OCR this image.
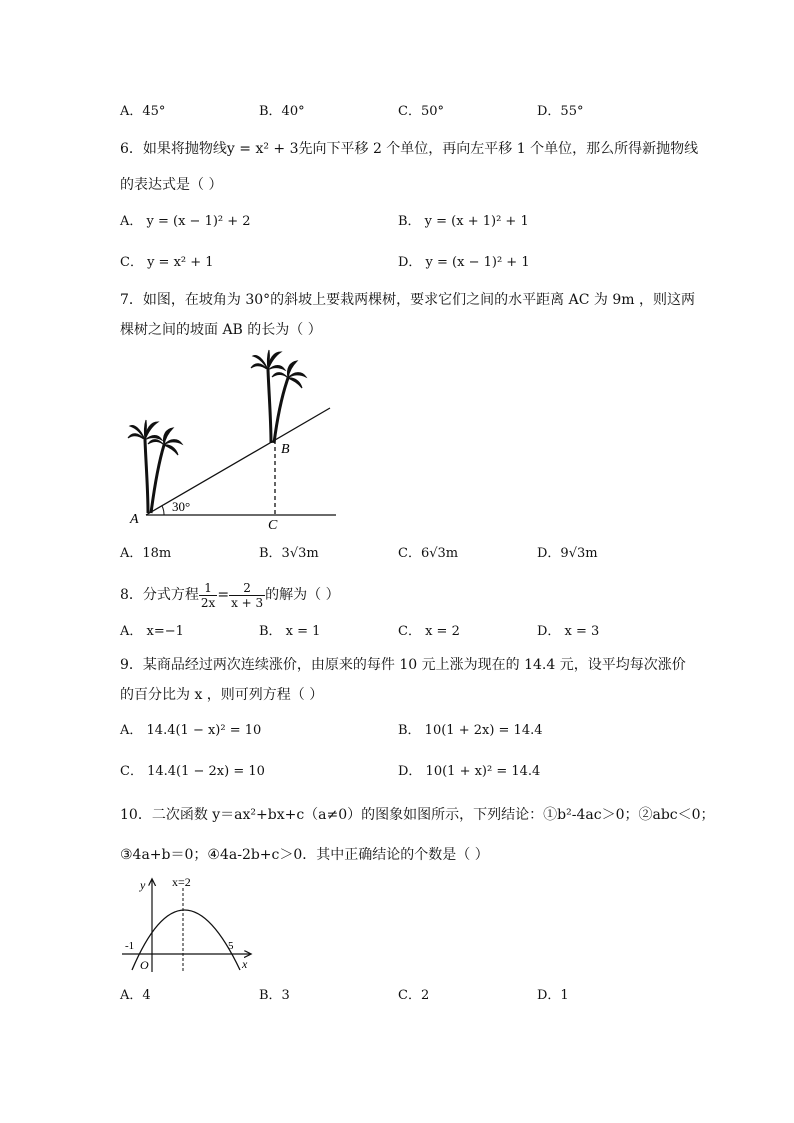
A．45°	B．40°	C．50°	D．55°
6．如果将抛物线y = x² + 3先向下平移 2 个单位，再向左平移 1 个单位，那么所得新抛物线
的表达式是（ ）
A． y = (x − 1)² + 2	B． y = (x + 1)² + 1
C． y = x² + 1	D． y = (x − 1)² + 1
7．如图，在坡角为 30°的斜坡上要栽两棵树，要求它们之间的水平距离 AC 为 9m ，则这两
棵树之间的坡面 AB 的长为（ ）
A
B
C
30°
A．18m	B．3√3m	C．6√3m	D．9√3m
8．分式方程 $\frac{1}{2x} = \frac{2}{x + 3}$ 的解为（ ）
A． x=−1	B． x = 1	C． x = 2	D． x = 3
9．某商品经过两次连续涨价，由原来的每件 10 元上涨为现在的 14.4 元，设平均每次涨价
的百分比为 x ，则可列方程（ ）
A． 14.4(1 − x)² = 10	B． 10(1 + 2x) = 14.4
C． 14.4(1 − 2x) = 10	D． 10(1 + x)² = 14.4
10．二次函数 y＝ax²+bx+c（a≠0）的图象如图所示，下列结论：①b²-4ac＞0；②abc＜0；
③4a+b＝0；④4a-2b+c＞0．其中正确结论的个数是（ ）
x=2
y
x
O
-1	5
A．4	B．3	C．2	D．1
